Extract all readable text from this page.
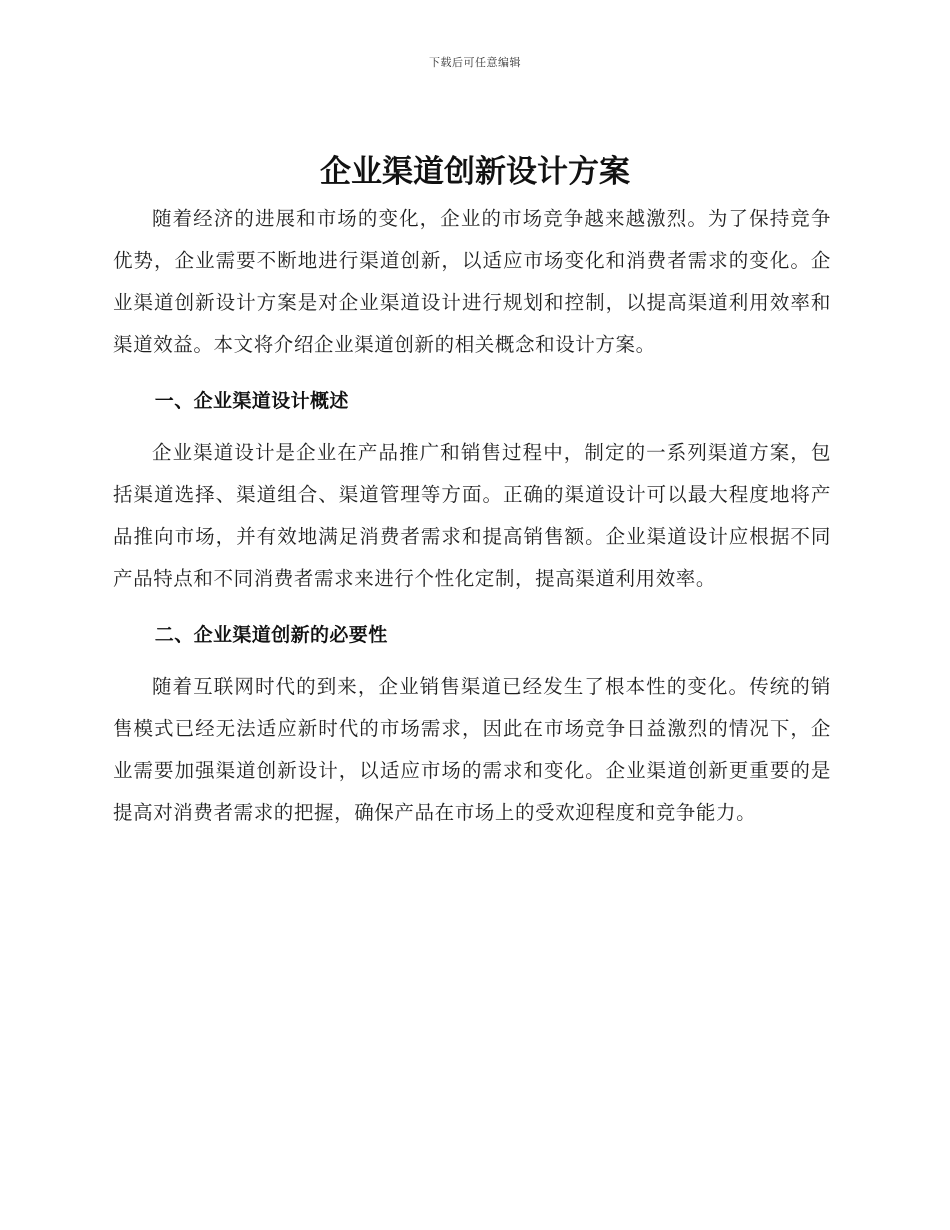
下载后可任意编辑
企业渠道创新设计方案

随着经济的进展和市场的变化，企业的市场竞争越来越激烈。为了保持竞争优势，企业需要不断地进行渠道创新，以适应市场变化和消费者需求的变化。企业渠道创新设计方案是对企业渠道设计进行规划和控制，以提高渠道利用效率和渠道效益。本文将介绍企业渠道创新的相关概念和设计方案。

一、企业渠道设计概述

企业渠道设计是企业在产品推广和销售过程中，制定的一系列渠道方案，包括渠道选择、渠道组合、渠道管理等方面。正确的渠道设计可以最大程度地将产品推向市场，并有效地满足消费者需求和提高销售额。企业渠道设计应根据不同产品特点和不同消费者需求来进行个性化定制，提高渠道利用效率。

二、企业渠道创新的必要性

随着互联网时代的到来，企业销售渠道已经发生了根本性的变化。传统的销售模式已经无法适应新时代的市场需求，因此在市场竞争日益激烈的情况下，企业需要加强渠道创新设计，以适应市场的需求和变化。企业渠道创新更重要的是提高对消费者需求的把握，确保产品在市场上的受欢迎程度和竞争能力。
